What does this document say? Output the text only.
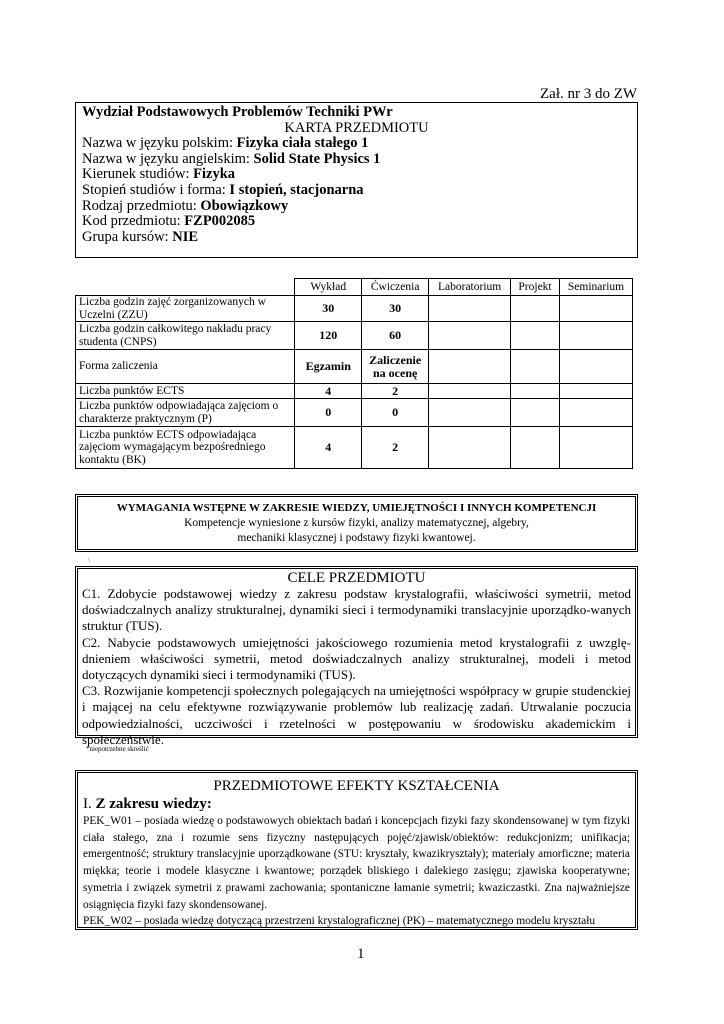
Zał. nr 3 do ZW
Wydział Podstawowych Problemów Techniki PWr
KARTA PRZEDMIOTU
Nazwa w języku polskim: Fizyka ciała stałego 1
Nazwa w języku angielskim: Solid State Physics 1
Kierunek studiów: Fizyka
Stopień studiów i forma: I stopień, stacjonarna
Rodzaj przedmiotu: Obowiązkowy
Kod przedmiotu: FZP002085
Grupa kursów: NIE
	Wykład	Ćwiczenia	Laboratorium	Projekt	Seminarium
Liczba godzin zajęć zorganizowanych w Uczelni (ZZU)	30	30			
Liczba godzin całkowitego nakładu pracy studenta (CNPS)	120	60			
Forma zaliczenia	Egzamin	Zaliczenie na ocenę			
Liczba punktów ECTS	4	2			
Liczba punktów odpowiadająca zajęciom o charakterze praktycznym (P)	0	0			
Liczba punktów ECTS odpowiadająca zajęciom wymagającym bezpośredniego kontaktu (BK)	4	2			
WYMAGANIA WSTĘPNE W ZAKRESIE WIEDZY, UMIEJĘTNOŚCI I INNYCH KOMPETENCJI
Kompetencje wyniesione z kursów fizyki, analizy matematycznej, algebry,
mechaniki klasycznej i podstawy fizyki kwantowej.
\
CELE PRZEDMIOTU

C1. Zdobycie podstawowej wiedzy z zakresu podstaw krystalografii, właściwości symetrii, metod doświadczalnych analizy strukturalnej, dynamiki sieci i termodynamiki translacyjnie uporządko-wanych struktur (TUS).

C2. Nabycie podstawowych umiejętności jakościowego rozumienia metod krystalografii z uwzglę-dnieniem właściwości symetrii, metod doświadczalnych analizy strukturalnej, modeli i metod dotyczących dynamiki sieci i termodynamiki (TUS).

C3. Rozwijanie kompetencji społecznych polegających na umiejętności współpracy w grupie studenckiej i mającej na celu efektywne rozwiązywanie problemów lub realizację zadań. Utrwalanie poczucia odpowiedzialności, uczciwości i rzetelności w postępowaniu w środowisku akademickim i społeczeństwie.

*niepotrzebne skreślić
PRZEDMIOTOWE EFEKTY KSZTAŁCENIA
I. Z zakresu wiedzy:

PEK_W01 – posiada wiedzę o podstawowych obiektach badań i koncepcjach fizyki fazy skondensowanej w tym fizyki ciała stałego, zna i rozumie sens fizyczny następujących pojęć/zjawisk/obiektów: redukcjonizm; unifikacja; emergentność; struktury translacyjnie uporządkowane (STU: kryształy, kwazikryształy); materiały amorficzne; materia miękka; teorie i modele klasyczne i kwantowe; porządek bliskiego i dalekiego zasięgu; zjawiska kooperatywne; symetria i związek symetrii z prawami zachowania; spontaniczne łamanie symetrii; kwaziczastki. Zna najważniejsze osiągnięcia fizyki fazy skondensowanej.

PEK_W02 – posiada wiedzę dotyczącą przestrzeni krystalograficznej (PK) – matematycznego modelu kryształu

1
